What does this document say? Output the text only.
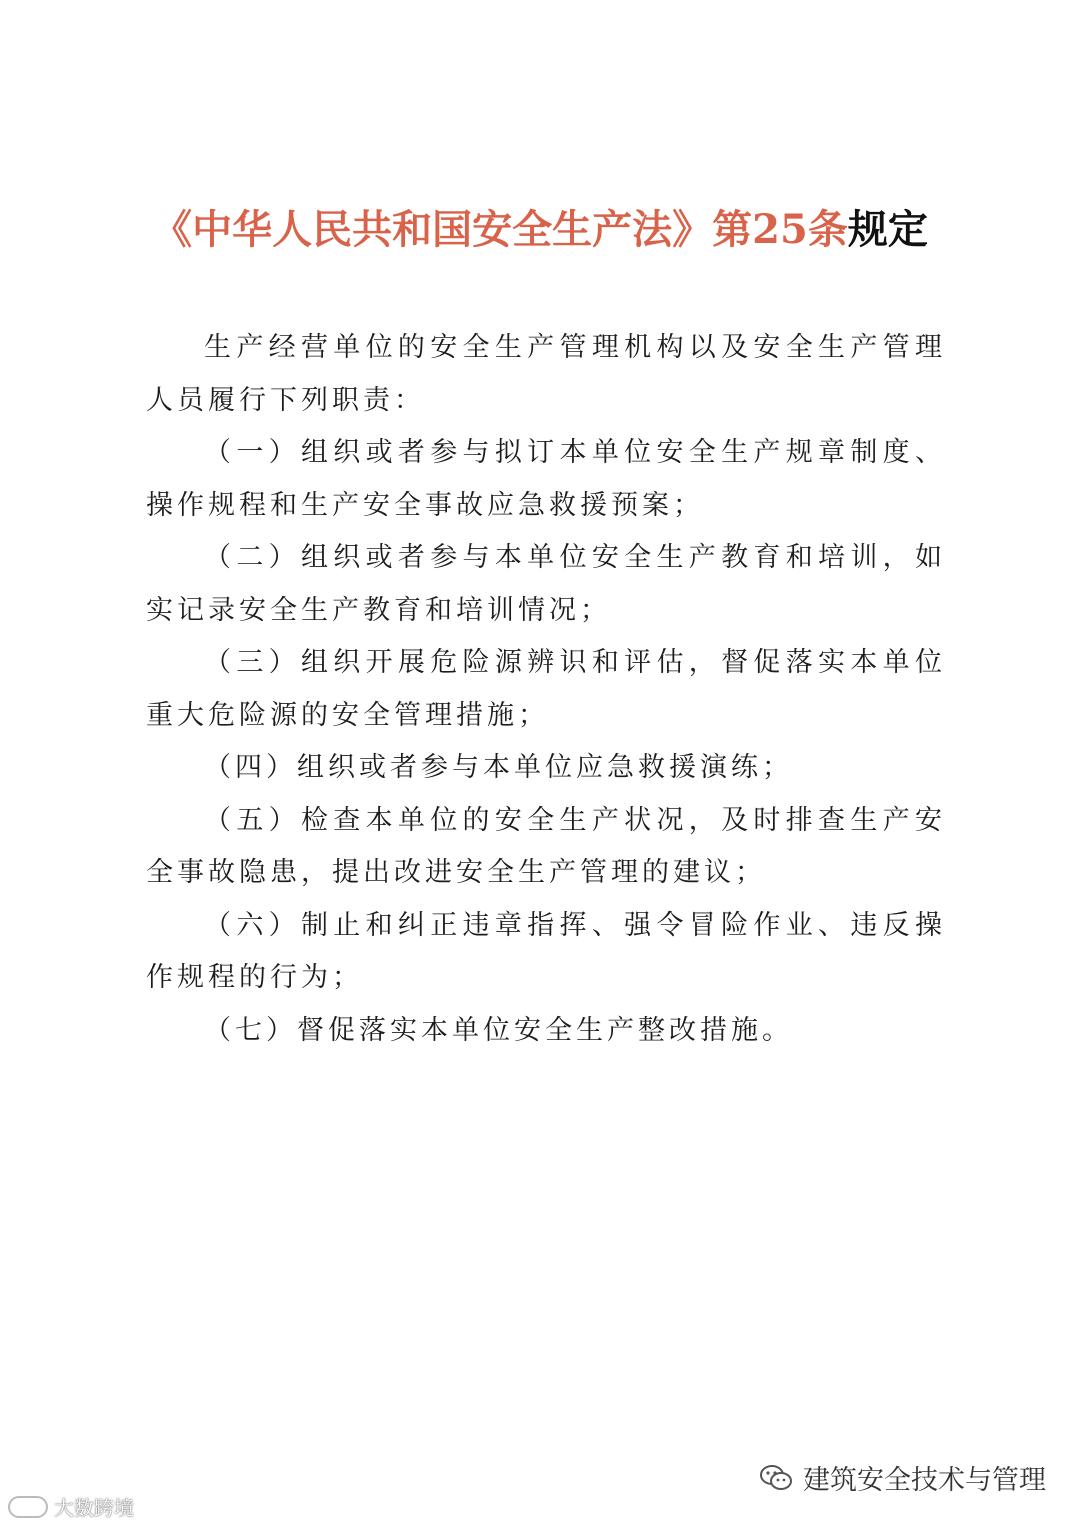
《中华人民共和国安全生产法》第25条规定

生产经营单位的安全生产管理机构以及安全生产管理人员履行下列职责：

（一）组织或者参与拟订本单位安全生产规章制度、操作规程和生产安全事故应急救援预案；

（二）组织或者参与本单位安全生产教育和培训，如实记录安全生产教育和培训情况；

（三）组织开展危险源辨识和评估，督促落实本单位重大危险源的安全管理措施；

（四）组织或者参与本单位应急救援演练；

（五）检查本单位的安全生产状况，及时排查生产安全事故隐患，提出改进安全生产管理的建议；

（六）制止和纠正违章指挥、强令冒险作业、违反操作规程的行为；

（七）督促落实本单位安全生产整改措施。

大数跨境
建筑安全技术与管理
